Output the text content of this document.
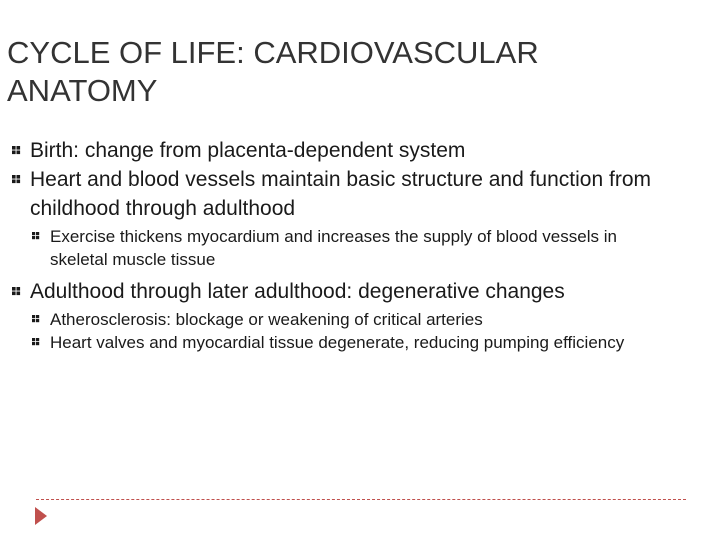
CYCLE OF LIFE: CARDIOVASCULAR
ANATOMY
Birth: change from placenta-dependent system
Heart and blood vessels maintain basic structure and function from childhood through adulthood
Exercise thickens myocardium and increases the supply of blood vessels in skeletal muscle tissue
Adulthood through later adulthood: degenerative changes
Atherosclerosis: blockage or weakening of critical arteries
Heart valves and myocardial tissue degenerate, reducing pumping efficiency
